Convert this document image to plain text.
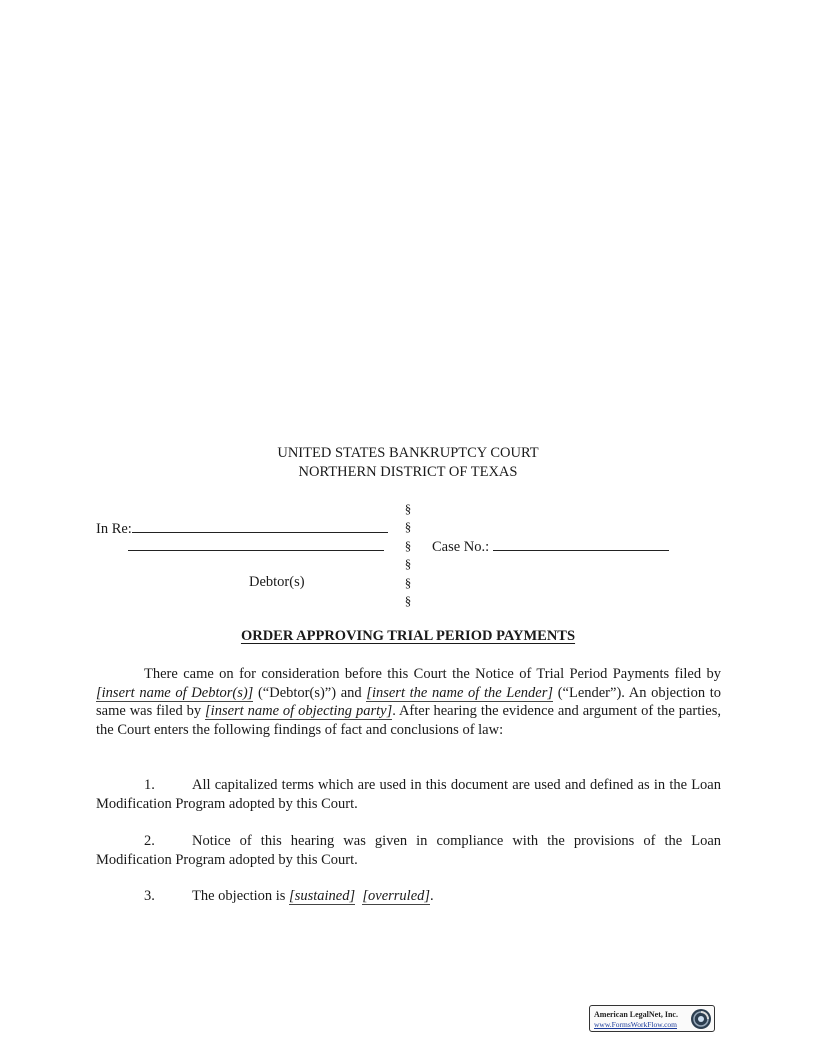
UNITED STATES BANKRUPTCY COURT
NORTHERN DISTRICT OF TEXAS
In Re:
Debtor(s)
§
§
§
§
§
§
Case No.:
ORDER APPROVING TRIAL PERIOD PAYMENTS
There came on for consideration before this Court the Notice of Trial Period Payments filed by [insert name of Debtor(s)] (“Debtor(s)”) and [insert the name of the Lender] (“Lender”). An objection to same was filed by [insert name of objecting party]. After hearing the evidence and argument of the parties, the Court enters the following findings of fact and conclusions of law:
1.	All capitalized terms which are used in this document are used and defined as in the Loan Modification Program adopted by this Court.
2.	Notice of this hearing was given in compliance with the provisions of the Loan Modification Program adopted by this Court.
3.	The objection is [sustained] [overruled].
American LegalNet, Inc.
www.FormsWorkFlow.com
